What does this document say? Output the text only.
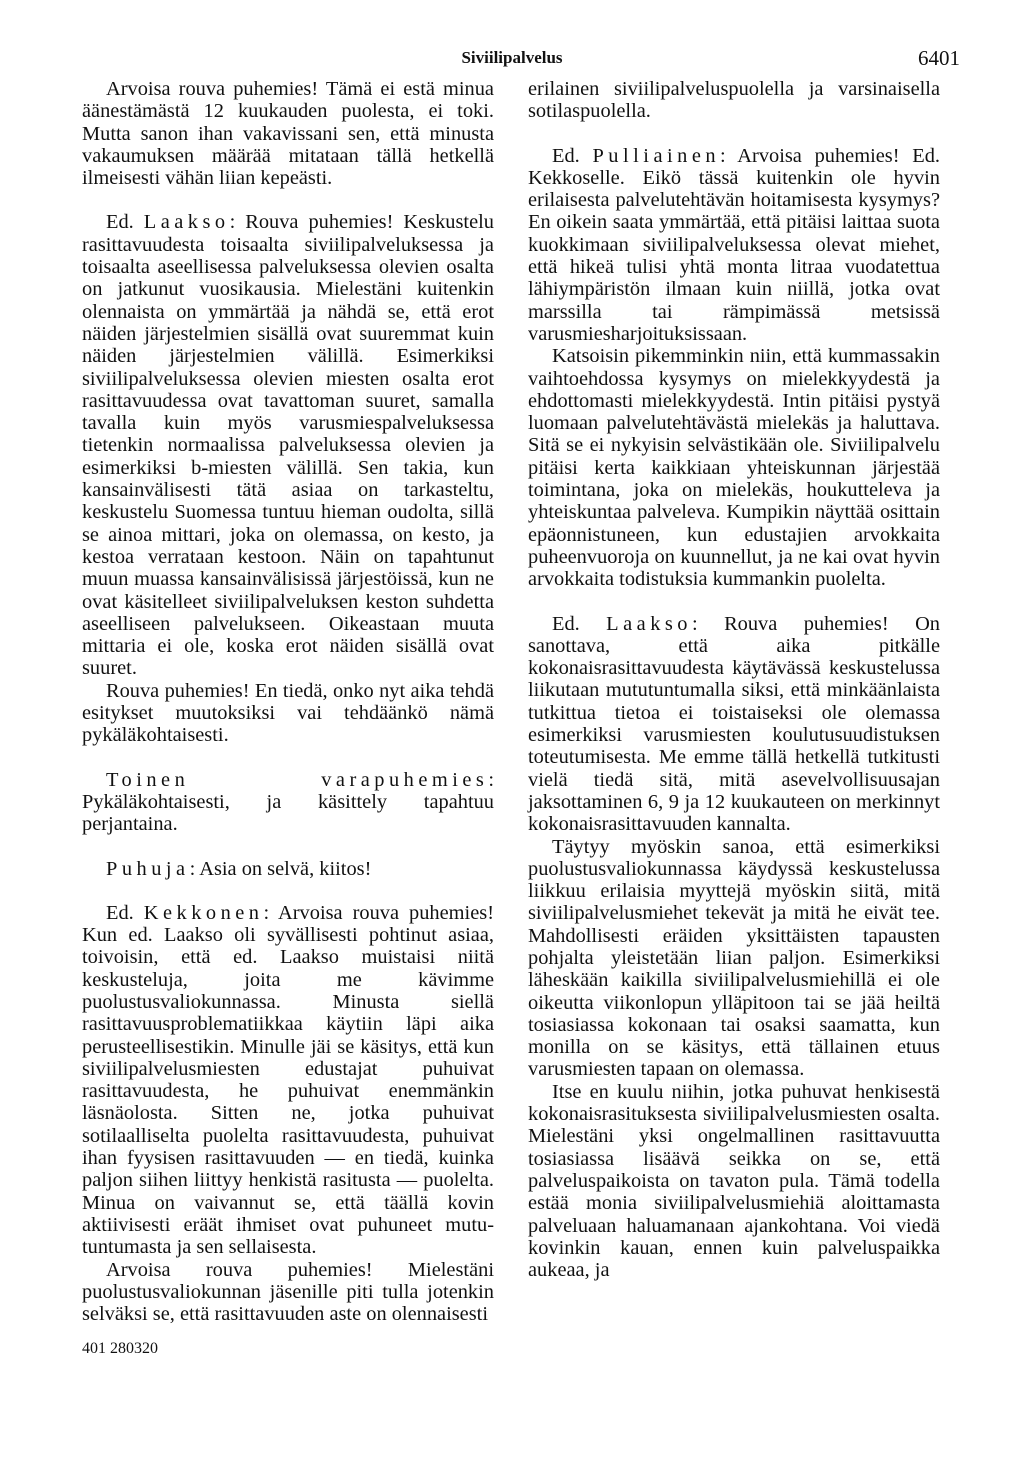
Siviilipalvelus	6401

Arvoisa rouva puhemies! Tämä ei estä minua äänestämästä 12 kuukauden puolesta, ei toki. Mutta sanon ihan vakavissani sen, että minusta vakaumuksen määrää mitataan tällä hetkellä ilmeisesti vähän liian kepeästi.

Ed. Laakso: Rouva puhemies! Keskustelu rasittavuudesta toisaalta siviilipalveluksessa ja toisaalta aseellisessa palveluksessa olevien osalta on jatkunut vuosikausia. Mielestäni kuitenkin olennaista on ymmärtää ja nähdä se, että erot näiden järjestelmien sisällä ovat suuremmat kuin näiden järjestelmien välillä. Esimerkiksi siviilipalveluksessa olevien miesten osalta erot rasittavuudessa ovat tavattoman suuret, samalla tavalla kuin myös varusmiespalveluksessa tietenkin normaalissa palveluksessa olevien ja esimerkiksi b-miesten välillä. Sen takia, kun kansainvälisesti tätä asiaa on tarkasteltu, keskustelu Suomessa tuntuu hieman oudolta, sillä se ainoa mittari, joka on olemassa, on kesto, ja kestoa verrataan kestoon. Näin on tapahtunut muun muassa kansainvälisissä järjestöissä, kun ne ovat käsitelleet siviilipalveluksen keston suhdetta aseelliseen palvelukseen. Oikeastaan muuta mittaria ei ole, koska erot näiden sisällä ovat suuret.

Rouva puhemies! En tiedä, onko nyt aika tehdä esitykset muutoksiksi vai tehdäänkö nämä pykäläkohtaisesti.

Toinen varapuhemies: Pykäläkohtaisesti, ja käsittely tapahtuu perjantaina.

Puhuja: Asia on selvä, kiitos!

Ed. Kekkonen: Arvoisa rouva puhemies! Kun ed. Laakso oli syvällisesti pohtinut asiaa, toivoisin, että ed. Laakso muistaisi niitä keskusteluja, joita me kävimme puolustusvaliokunnassa. Minusta siellä rasittavuusproblematiikkaa käytiin läpi aika perusteellisestikin. Minulle jäi se käsitys, että kun siviilipalvelusmiesten edustajat puhuivat rasittavuudesta, he puhuivat enemmänkin läsnäolosta. Sitten ne, jotka puhuivat sotilaalliselta puolelta rasittavuudesta, puhuivat ihan fyysisen rasittavuuden — en tiedä, kuinka paljon siihen liittyy henkistä rasitusta — puolelta. Minua on vaivannut se, että täällä kovin aktiivisesti eräät ihmiset ovat puhuneet mutu-tuntumasta ja sen sellaisesta.

Arvoisa rouva puhemies! Mielestäni puolustusvaliokunnan jäsenille piti tulla jotenkin selväksi se, että rasittavuuden aste on olennaisesti

erilainen siviilipalveluspuolella ja varsinaisella sotilaspuolella.

Ed. Pulliainen: Arvoisa puhemies! Ed. Kekkoselle. Eikö tässä kuitenkin ole hyvin erilaisesta palvelutehtävän hoitamisesta kysymys? En oikein saata ymmärtää, että pitäisi laittaa suota kuokkimaan siviilipalveluksessa olevat miehet, että hikeä tulisi yhtä monta litraa vuodatettua lähiympäristön ilmaan kuin niillä, jotka ovat marssilla tai rämpimässä metsissä varusmiesharjoituksissaan.

Katsoisin pikemminkin niin, että kummassakin vaihtoehdossa kysymys on mielekkyydestä ja ehdottomasti mielekkyydestä. Intin pitäisi pystyä luomaan palvelutehtävästä mielekäs ja haluttava. Sitä se ei nykyisin selvästikään ole. Siviilipalvelu pitäisi kerta kaikkiaan yhteiskunnan järjestää toimintana, joka on mielekäs, houkutteleva ja yhteiskuntaa palveleva. Kumpikin näyttää osittain epäonnistuneen, kun edustajien arvokkaita puheenvuoroja on kuunnellut, ja ne kai ovat hyvin arvokkaita todistuksia kummankin puolelta.

Ed. Laakso: Rouva puhemies! On sanottava, että aika pitkälle kokonaisrasittavuudesta käytävässä keskustelussa liikutaan mututuntumalla siksi, että minkäänlaista tutkittua tietoa ei toistaiseksi ole olemassa esimerkiksi varusmiesten koulutusuudistuksen toteutumisesta. Me emme tällä hetkellä tutkitusti vielä tiedä sitä, mitä asevelvollisuusajan jaksottaminen 6, 9 ja 12 kuukauteen on merkinnyt kokonaisrasittavuuden kannalta.

Täytyy myöskin sanoa, että esimerkiksi puolustusvaliokunnassa käydyssä keskustelussa liikkuu erilaisia myyttejä myöskin siitä, mitä siviilipalvelusmiehet tekevät ja mitä he eivät tee. Mahdollisesti eräiden yksittäisten tapausten pohjalta yleistetään liian paljon. Esimerkiksi läheskään kaikilla siviilipalvelusmiehillä ei ole oikeutta viikonlopun ylläpitoon tai se jää heiltä tosiasiassa kokonaan tai osaksi saamatta, kun monilla on se käsitys, että tällainen etuus varusmiesten tapaan on olemassa.

Itse en kuulu niihin, jotka puhuvat henkisestä kokonaisrasituksesta siviilipalvelusmiesten osalta. Mielestäni yksi ongelmallinen rasittavuutta tosiasiassa lisäävä seikka on se, että palveluspaikoista on tavaton pula. Tämä todella estää monia siviilipalvelusmiehiä aloittamasta palveluaan haluamanaan ajankohtana. Voi viedä kovinkin kauan, ennen kuin palveluspaikka aukeaa, ja

401 280320
